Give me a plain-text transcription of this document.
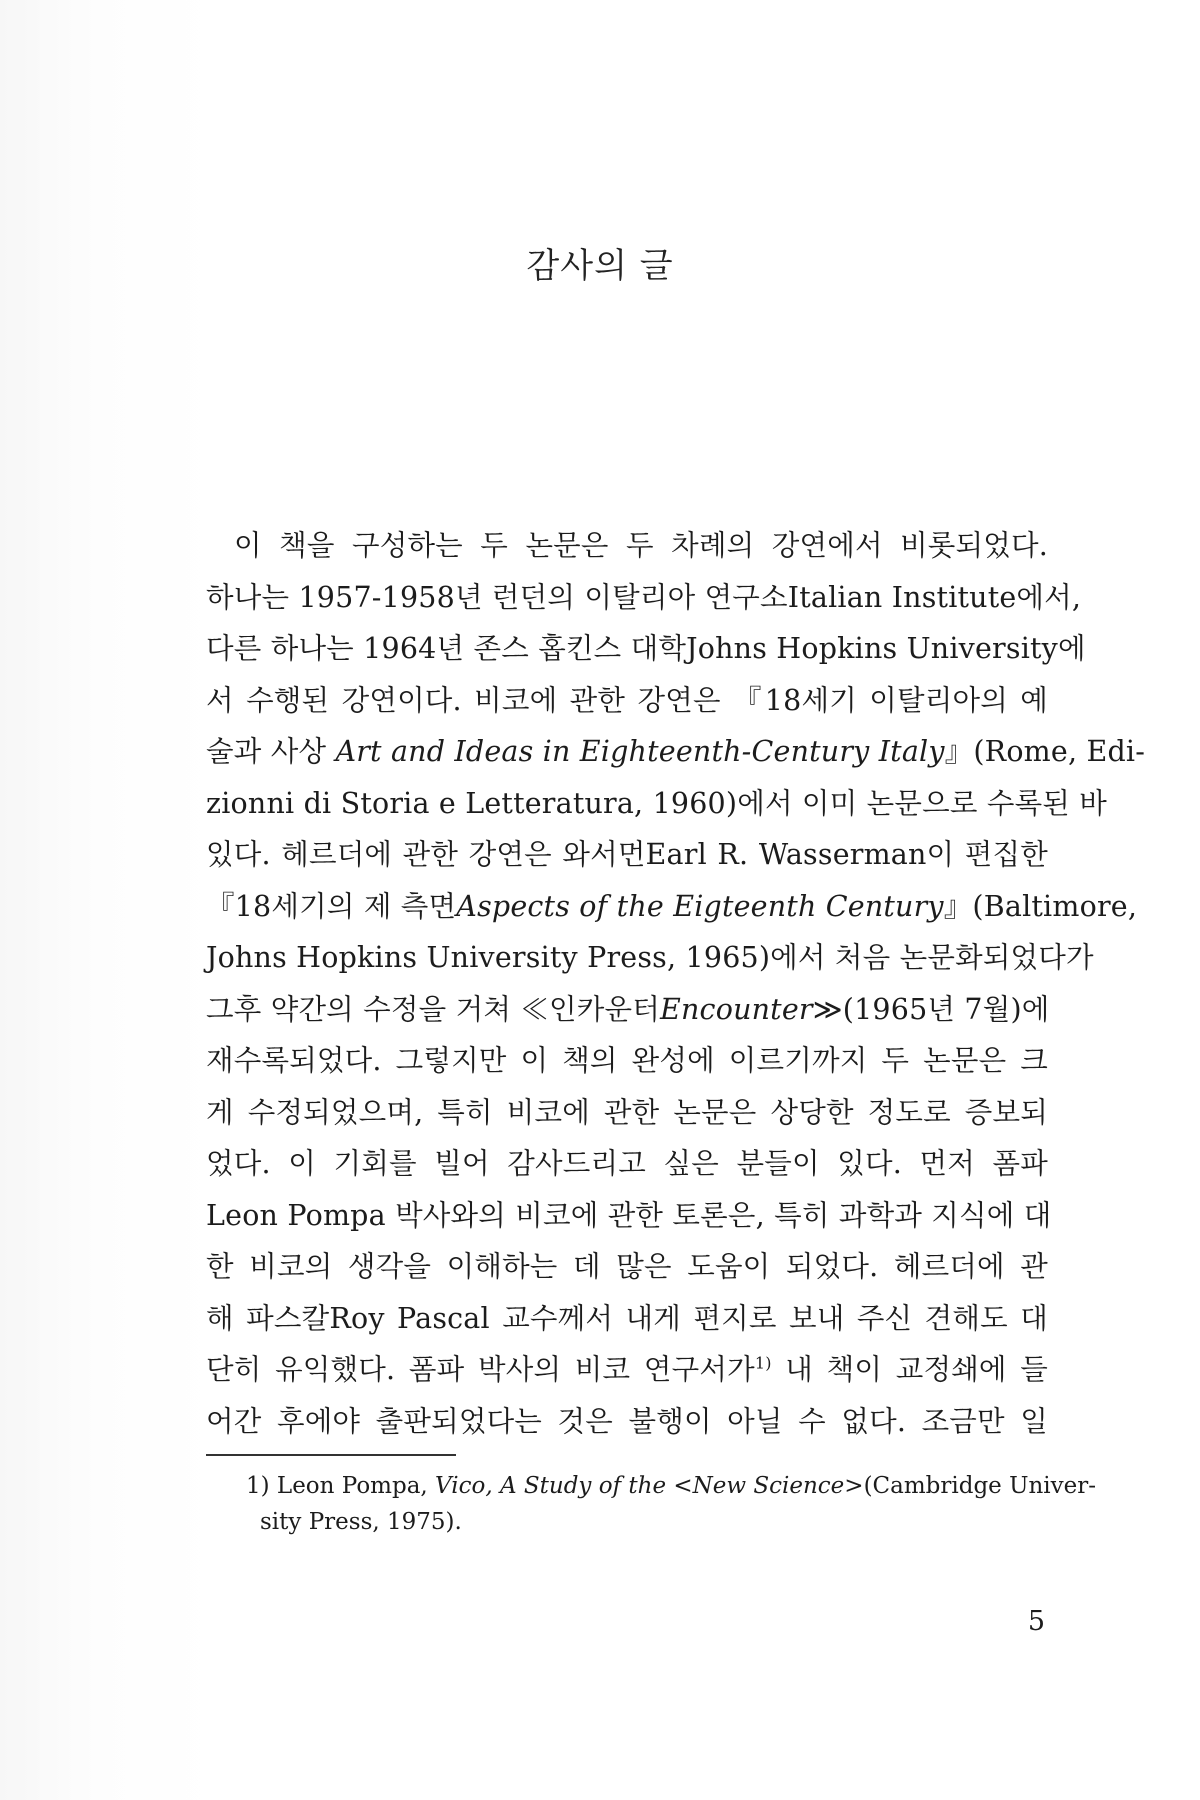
감사의 글
이 책을 구성하는 두 논문은 두 차례의 강연에서 비롯되었다.
하나는 1957-1958년 런던의 이탈리아 연구소Italian Institute에서,
다른 하나는 1964년 존스 홉킨스 대학Johns Hopkins University에
서 수행된 강연이다. 비코에 관한 강연은 『18세기 이탈리아의 예
술과 사상 Art and Ideas in Eighteenth-Century Italy』(Rome, Edi-
zionni di Storia e Letteratura, 1960)에서 이미 논문으로 수록된 바
있다. 헤르더에 관한 강연은 와서먼Earl R. Wasserman이 편집한
『18세기의 제 측면Aspects of the Eigteenth Century』(Baltimore,
Johns Hopkins University Press, 1965)에서 처음 논문화되었다가
그후 약간의 수정을 거쳐 ≪인카운터Encounter≫(1965년 7월)에
재수록되었다. 그렇지만 이 책의 완성에 이르기까지 두 논문은 크
게 수정되었으며, 특히 비코에 관한 논문은 상당한 정도로 증보되
었다. 이 기회를 빌어 감사드리고 싶은 분들이 있다. 먼저 폼파
Leon Pompa 박사와의 비코에 관한 토론은, 특히 과학과 지식에 대
한 비코의 생각을 이해하는 데 많은 도움이 되었다. 헤르더에 관
해 파스칼Roy Pascal 교수께서 내게 편지로 보내 주신 견해도 대
단히 유익했다. 폼파 박사의 비코 연구서가$^{1)}$ 내 책이 교정쇄에 들
어간 후에야 출판되었다는 것은 불행이 아닐 수 없다. 조금만 일
1) Leon Pompa, Vico, A Study of the <New Science>(Cambridge Univer-
sity Press, 1975).
5
